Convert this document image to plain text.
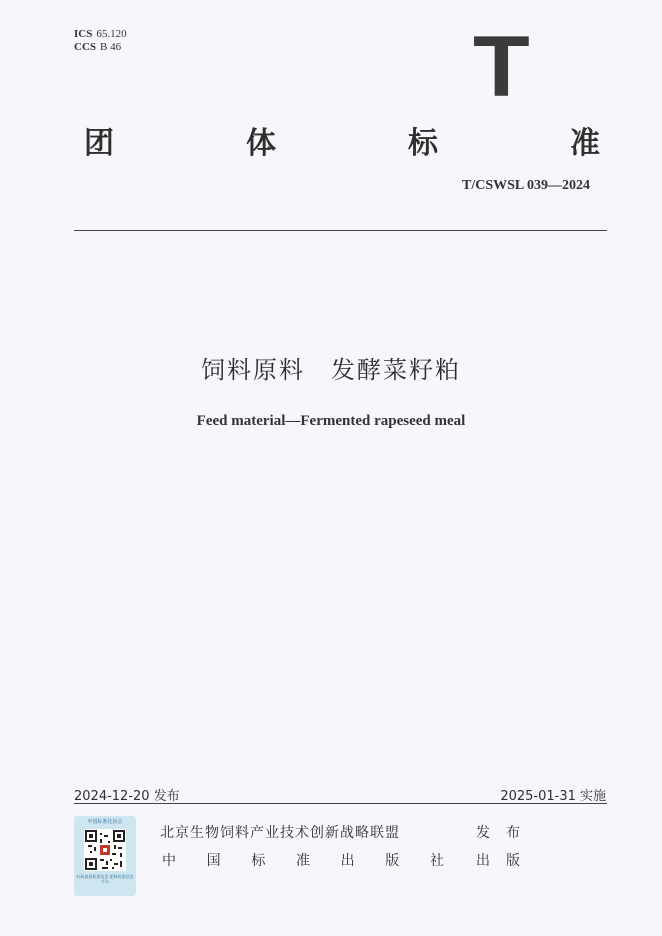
ICS 65.120
CCS B 46	T
团	体	标	准
T/CSWSL 039—2024
饲料原料　发酵菜籽粕
Feed material—Fermented rapeseed meal
2024-12-20 发布	2025-01-31 实施
中国标准化协会
扫码查看标准信息 团体标准信息平台
北京生物饲料产业技术创新战略联盟	发 布
中 国 标 准 出 版 社 出 版
